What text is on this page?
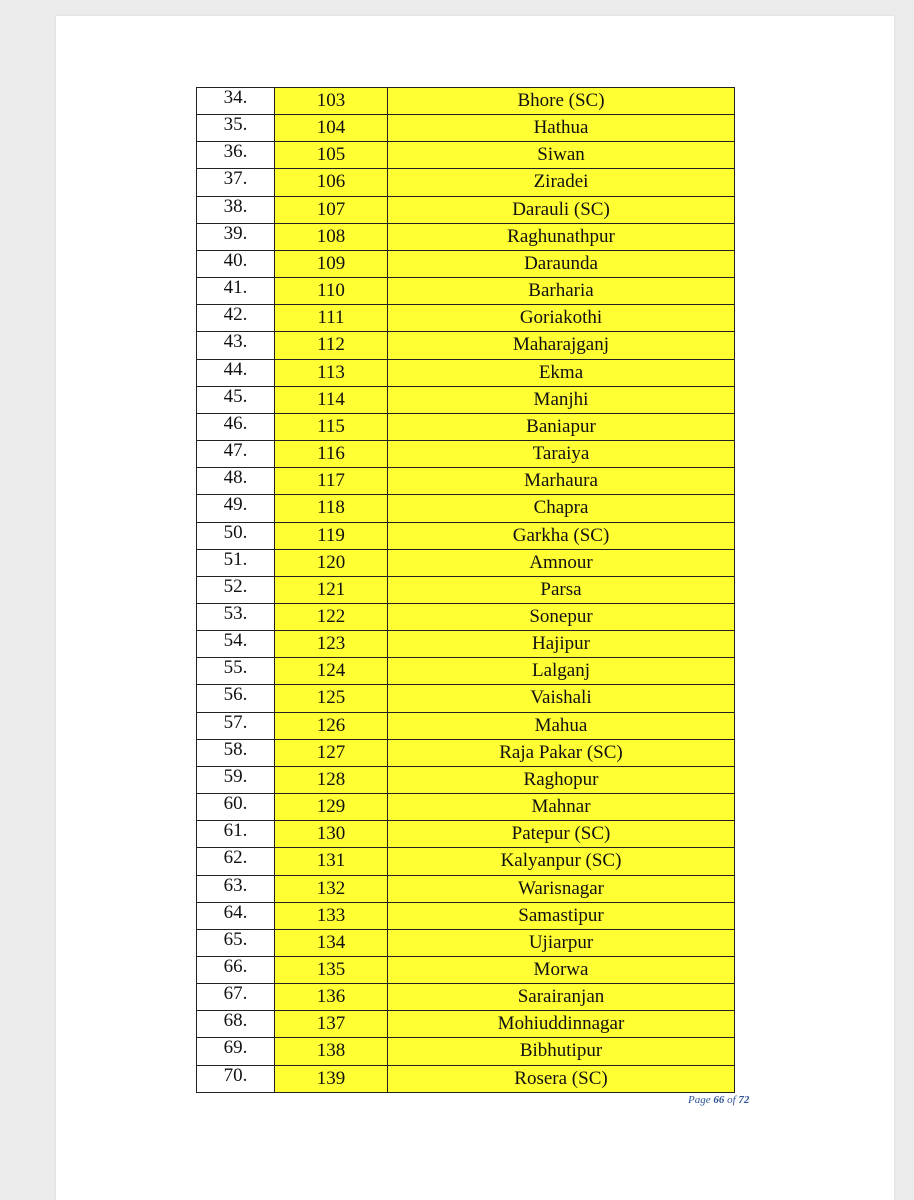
34.	103	Bhore (SC)
35.	104	Hathua
36.	105	Siwan
37.	106	Ziradei
38.	107	Darauli (SC)
39.	108	Raghunathpur
40.	109	Daraunda
41.	110	Barharia
42.	111	Goriakothi
43.	112	Maharajganj
44.	113	Ekma
45.	114	Manjhi
46.	115	Baniapur
47.	116	Taraiya
48.	117	Marhaura
49.	118	Chapra
50.	119	Garkha (SC)
51.	120	Amnour
52.	121	Parsa
53.	122	Sonepur
54.	123	Hajipur
55.	124	Lalganj
56.	125	Vaishali
57.	126	Mahua
58.	127	Raja Pakar (SC)
59.	128	Raghopur
60.	129	Mahnar
61.	130	Patepur (SC)
62.	131	Kalyanpur (SC)
63.	132	Warisnagar
64.	133	Samastipur
65.	134	Ujiarpur
66.	135	Morwa
67.	136	Sarairanjan
68.	137	Mohiuddinnagar
69.	138	Bibhutipur
70.	139	Rosera (SC)
Page 66 of 72
